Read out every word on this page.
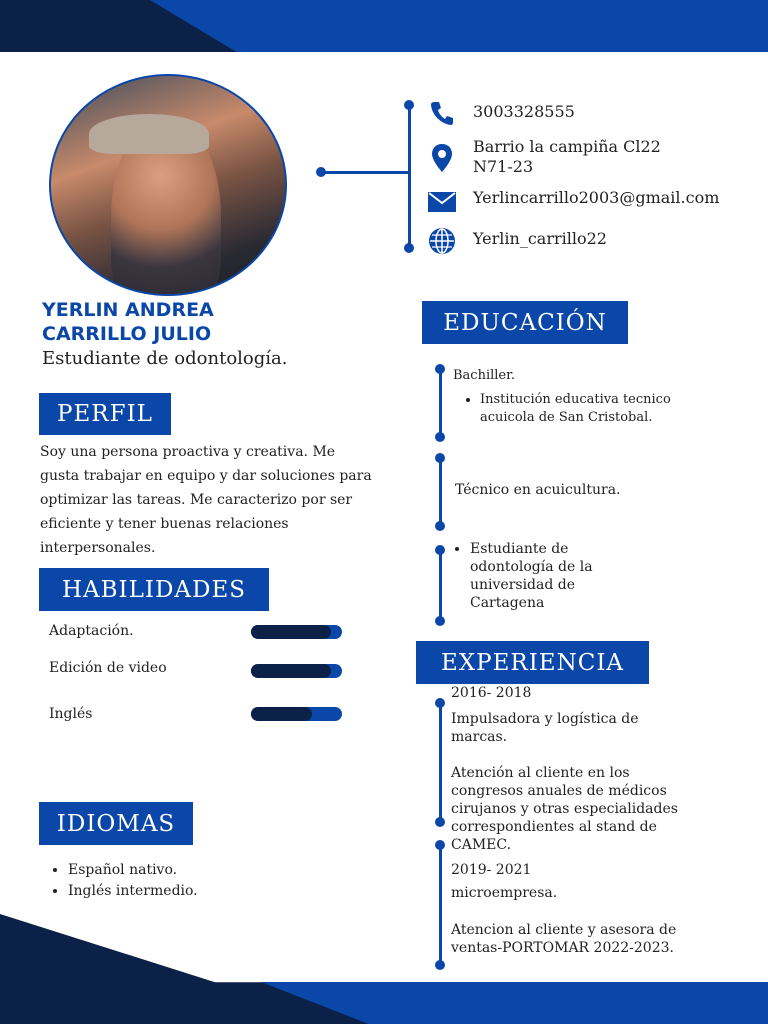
3003328555
Barrio la campiña Cl22
N71-23
Yerlincarrillo2003@gmail.com
Yerlin_carrillo22
YERLIN ANDREA
CARRILLO JULIO
Estudiante de odontología.
PERFIL
Soy una persona proactiva y creativa. Me gusta trabajar en equipo y dar soluciones para optimizar las tareas. Me caracterizo por ser eficiente y tener buenas relaciones interpersonales.
HABILIDADES
Adaptación.
Edición de video
Inglés
IDIOMAS
• Español nativo.
• Inglés intermedio.
EDUCACIÓN
Bachiller.
• Institución educativa tecnico acuicola de San Cristobal.
Técnico en acuicultura.
• Estudiante de odontología de la universidad de Cartagena
EXPERIENCIA
2016- 2018
Impulsadora y logística de marcas.
Atención al cliente en los congresos anuales de médicos cirujanos y otras especialidades correspondientes al stand de CAMEC.
2019- 2021
microempresa.
Atencion al cliente y asesora de ventas-PORTOMAR 2022-2023.
